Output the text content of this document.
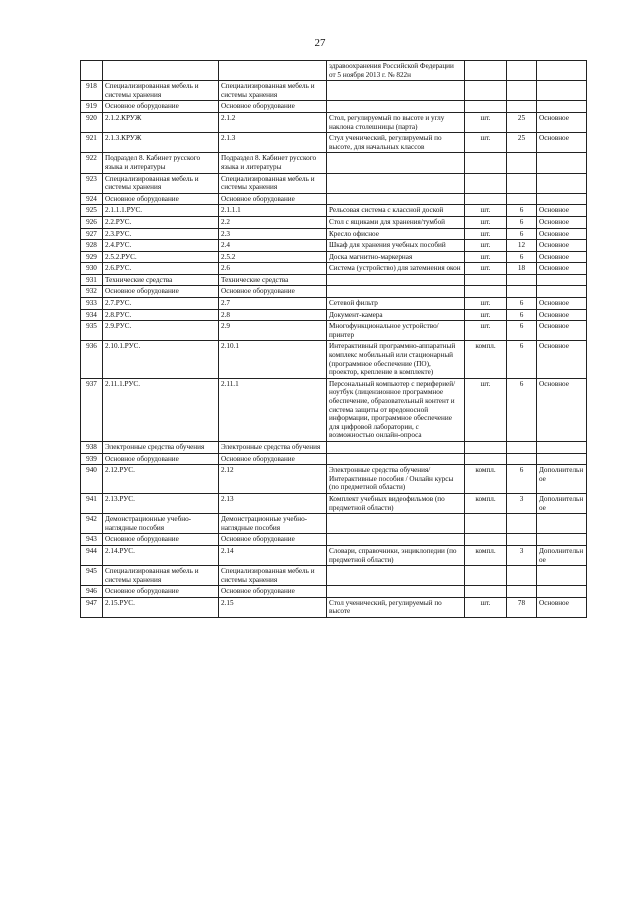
27
			здравоохранения Российской Федерации от 5 ноября 2013 г. № 822н			
918	Специализированная мебель и системы хранения	Специализированная мебель и системы хранения				
919	Основное оборудование	Основное оборудование				
920	2.1.2.КРУЖ	2.1.2	Стол, регулируемый по высоте и углу наклона столешницы (парта)	шт.	25	Основное
921	2.1.3.КРУЖ	2.1.3	Стул ученический, регулируемый по высоте, для начальных классов	шт.	25	Основное
922	Подраздел 8. Кабинет русского языка и литературы	Подраздел 8. Кабинет русского языка и литературы				
923	Специализированная мебель и системы хранения	Специализированная мебель и системы хранения				
924	Основное оборудование	Основное оборудование				
925	2.1.1.1.РУС.	2.1.1.1	Рельсовая система с классной доской	шт.	6	Основное
926	2.2.РУС.	2.2	Стол с ящиками для хранения/тумбой	шт.	6	Основное
927	2.3.РУС.	2.3	Кресло офисное	шт.	6	Основное
928	2.4.РУС.	2.4	Шкаф для хранения учебных пособий	шт.	12	Основное
929	2.5.2.РУС.	2.5.2	Доска магнитно-маркерная	шт.	6	Основное
930	2.6.РУС.	2.6	Система (устройство) для затемнения окон	шт.	18	Основное
931	Технические средства	Технические средства				
932	Основное оборудование	Основное оборудование				
933	2.7.РУС.	2.7	Сетевой фильтр	шт.	6	Основное
934	2.8.РУС.	2.8	Документ-камера	шт.	6	Основное
935	2.9.РУС.	2.9	Многофункциональное устройство/принтер	шт.	6	Основное
936	2.10.1.РУС.	2.10.1	Интерактивный программно-аппаратный комплекс мобильный или стационарный (программное обеспечение (ПО), проектор, крепление в комплекте)	компл.	6	Основное
937	2.11.1.РУС.	2.11.1	Персональный компьютер с периферией/ноутбук (лицензионное программное обеспечение, образовательный контент и система защиты от вредоносной информации, программное обеспечение для цифровой лаборатории, с возможностью онлайн-опроса	шт.	6	Основное
938	Электронные средства обучения	Электронные средства обучения				
939	Основное оборудование	Основное оборудование				
940	2.12.РУС.	2.12	Электронные средства обучения/Интерактивные пособия / Онлайн курсы (по предметной области)	компл.	6	Дополнительное
941	2.13.РУС.	2.13	Комплект учебных видеофильмов (по предметной области)	компл.	3	Дополнительное
942	Демонстрационные учебно-наглядные пособия	Демонстрационные учебно-наглядные пособия				
943	Основное оборудование	Основное оборудование				
944	2.14.РУС.	2.14	Словари, справочники, энциклопедии (по предметной области)	компл.	3	Дополнительное
945	Специализированная мебель и системы хранения	Специализированная мебель и системы хранения				
946	Основное оборудование	Основное оборудование				
947	2.15.РУС.	2.15	Стол ученический, регулируемый по высоте	шт.	78	Основное
